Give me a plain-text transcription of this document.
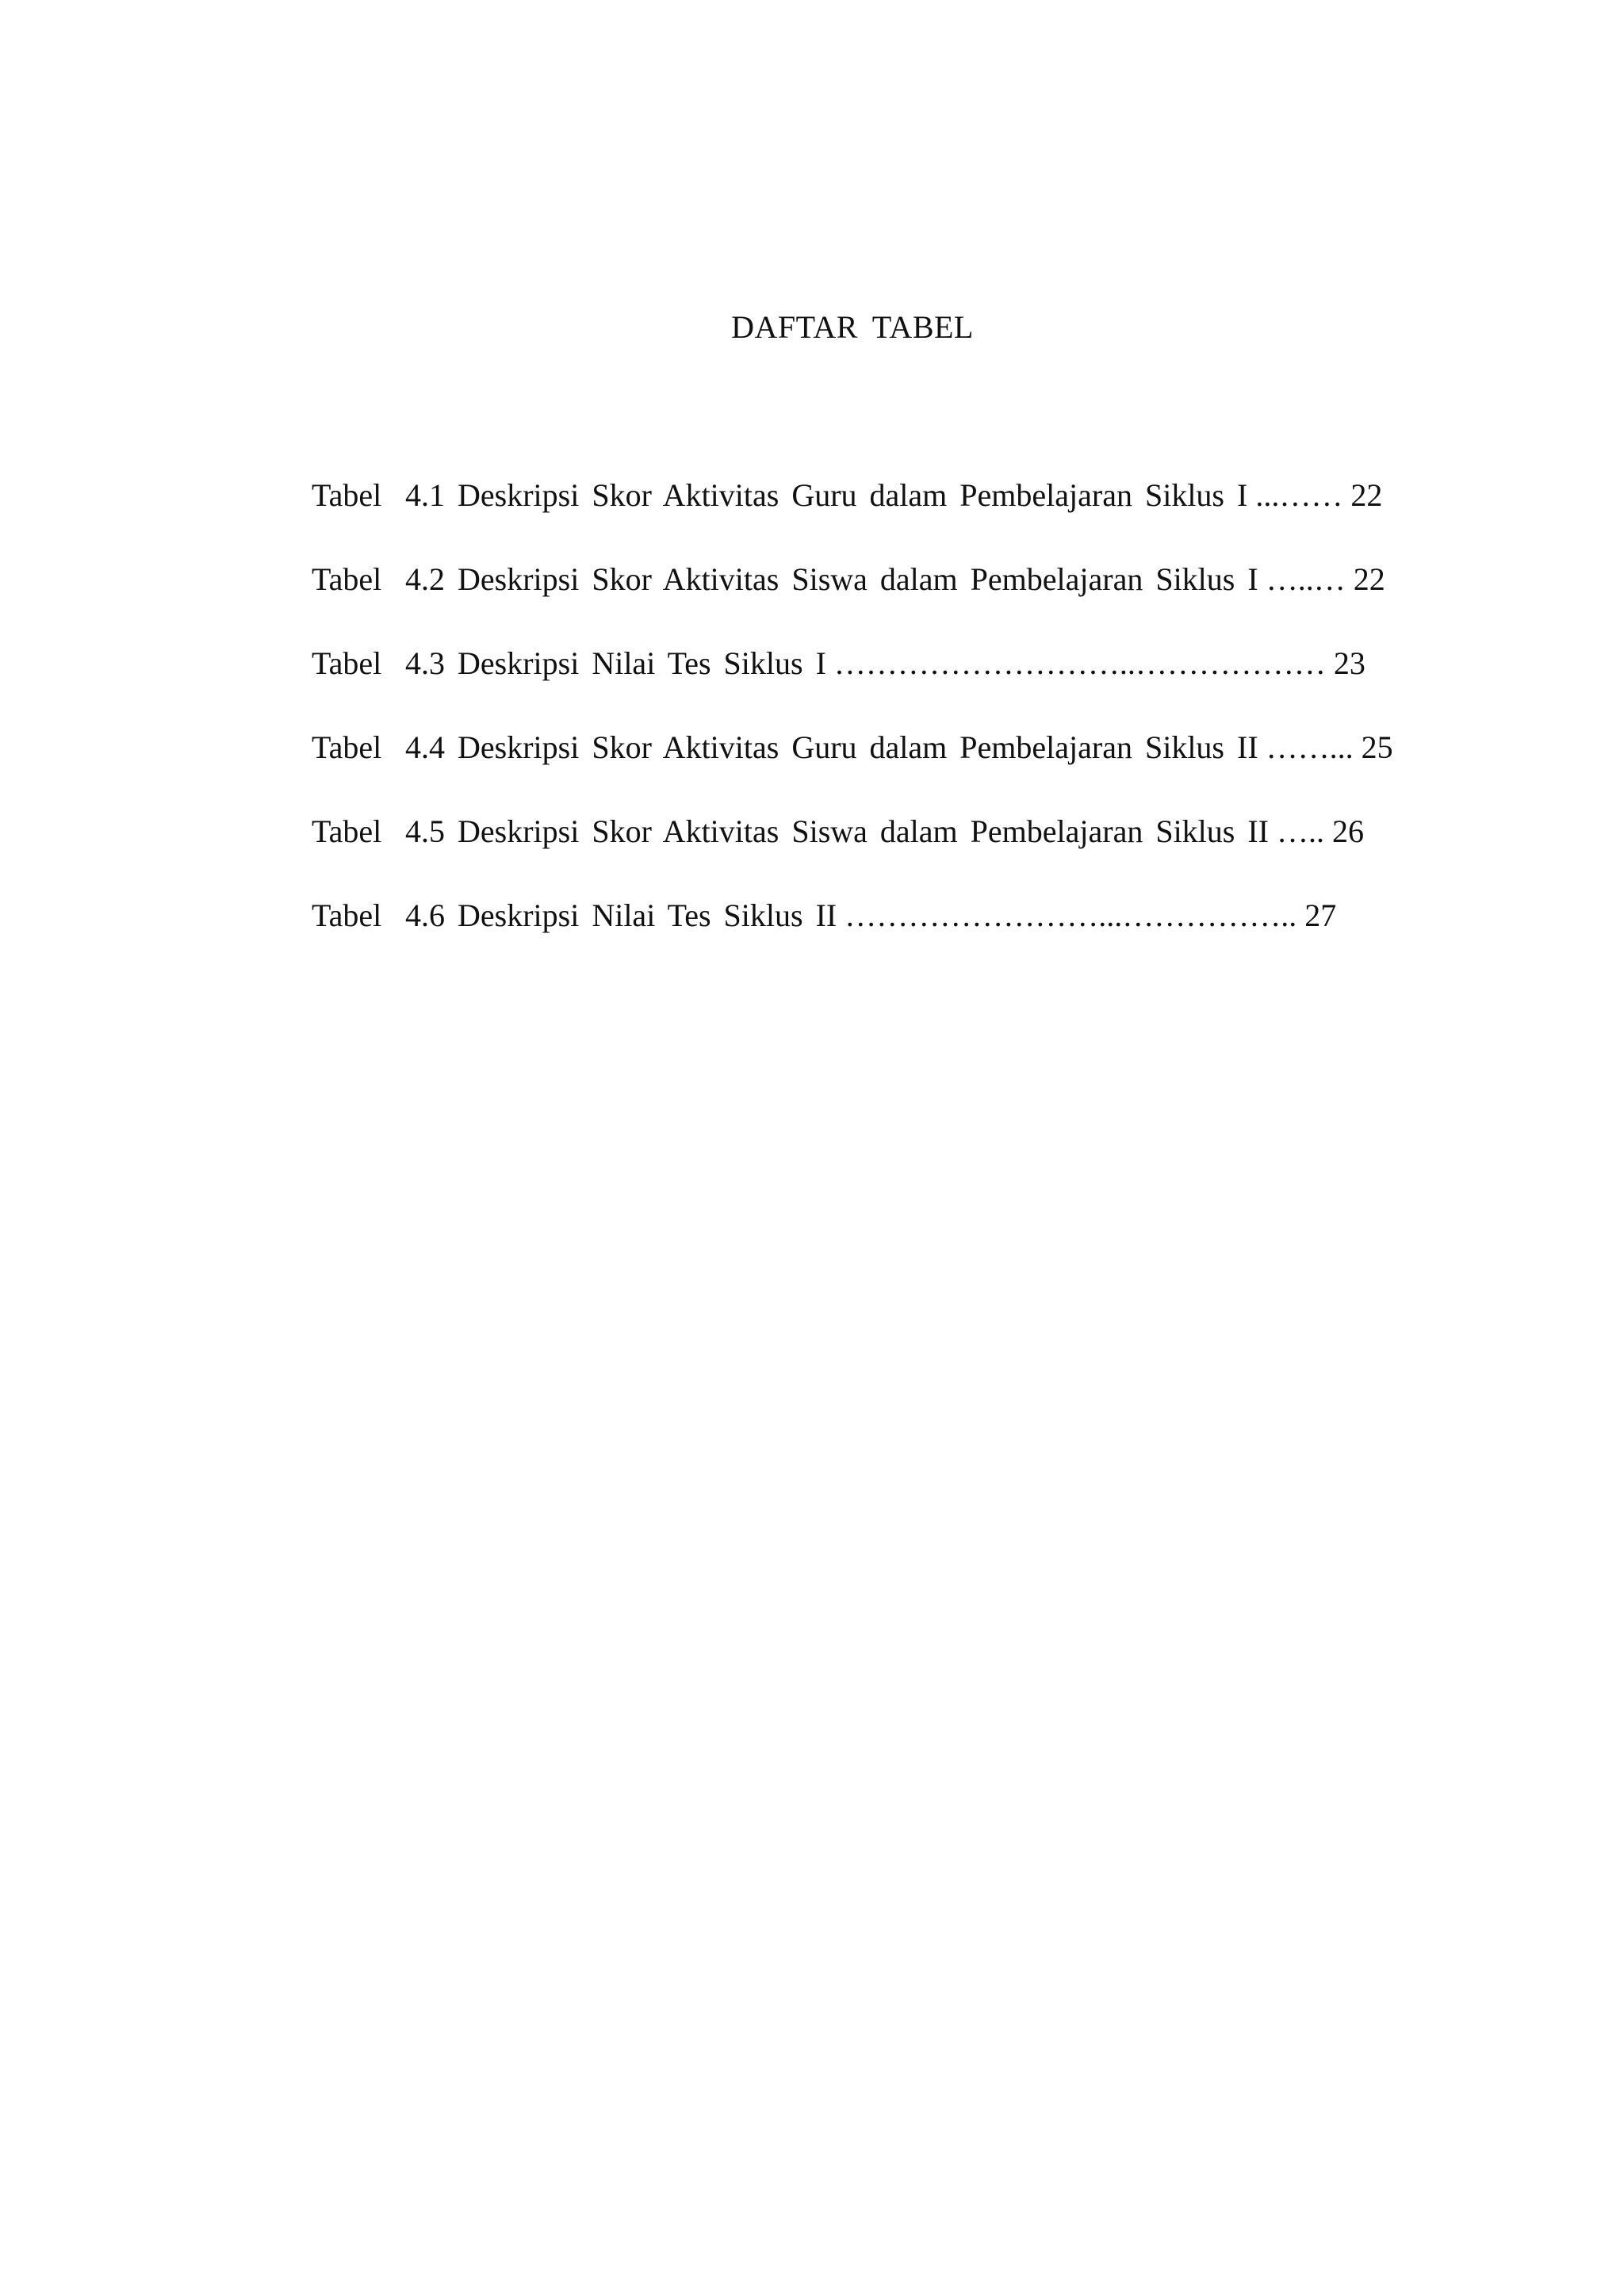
DAFTAR TABEL
Tabel 4.1 Deskripsi Skor Aktivitas Guru dalam Pembelajaran Siklus I ...…… 22
Tabel 4.2 Deskripsi Skor Aktivitas Siswa dalam Pembelajaran Siklus I …..… 22
Tabel 4.3 Deskripsi Nilai Tes Siklus I ………………………..……………… 23
Tabel 4.4 Deskripsi Skor Aktivitas Guru dalam Pembelajaran Siklus II ……... 25
Tabel 4.5 Deskripsi Skor Aktivitas Siswa dalam Pembelajaran Siklus II ….. 26
Tabel 4.6 Deskripsi Nilai Tes Siklus II ……………………...…………….. 27
